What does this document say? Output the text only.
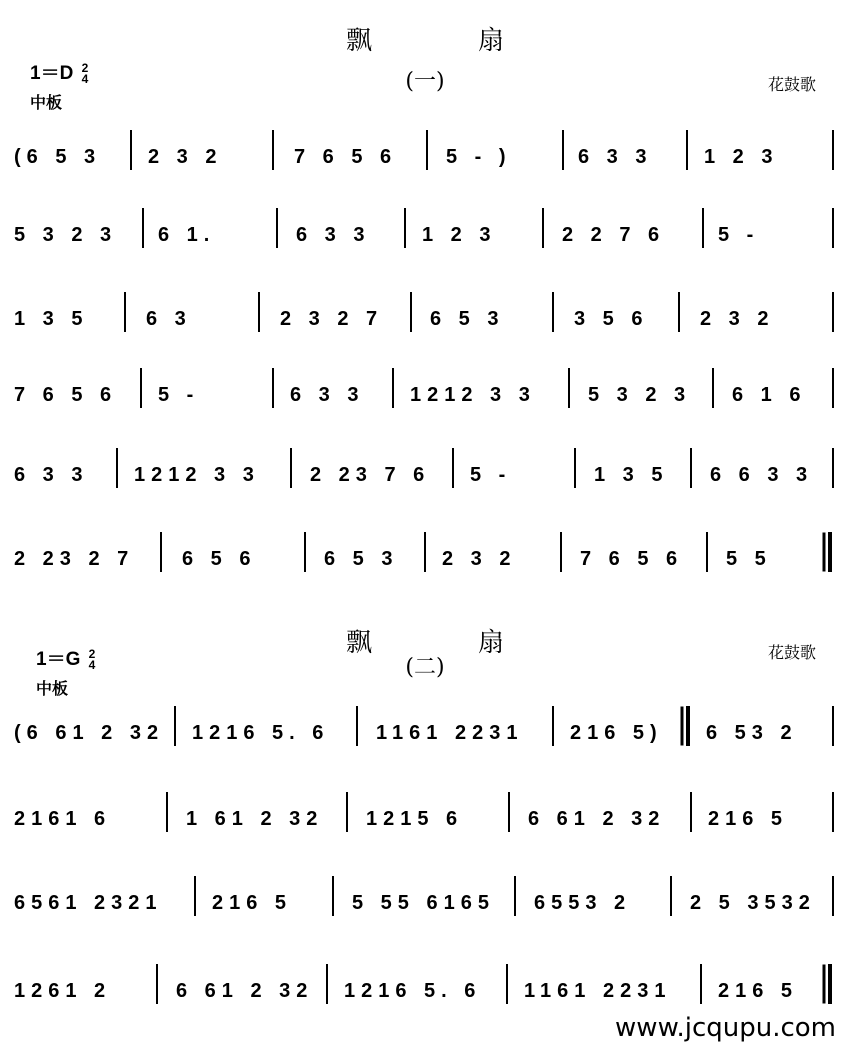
飘　扇
(一)
1＝D 2
4
中板
花鼓歌
(6 5 3 2 3 2	7 6 5 6 5 - )	6 3 3	1 2 3
5 3 2 3 6 1.	6 3 3	1 2 3	2 2 7 6	5 -
1 3 5	6 3	2 3 2 7 6 5 3	3 5 6	2 3 2
7 6 5 6 5 -	6 3 3 1212 3 3	5 3 2 3 6 1 6
6 3 3 1212 3 3	2 23 7 6 5 -	1 3 5 6 6 3 3
2 23 2 7 6 5 6	6 5 3 2 3 2	7 6 5 6 5 5
飘　扇
(二)
1＝G 2
4
中板
花鼓歌
(6 61 2 32 1216 5. 6 1161 2231 216 5) 6 53 2
2161 6	1 61 2 32 1215 6	6 61 2 32 216 5
6561 2321 216 5	5 55 6165 6553 2	2 5 3532
1261 2	6 61 2 32 1216 5. 6 1161 2231 216 5
www.jcqupu.com
